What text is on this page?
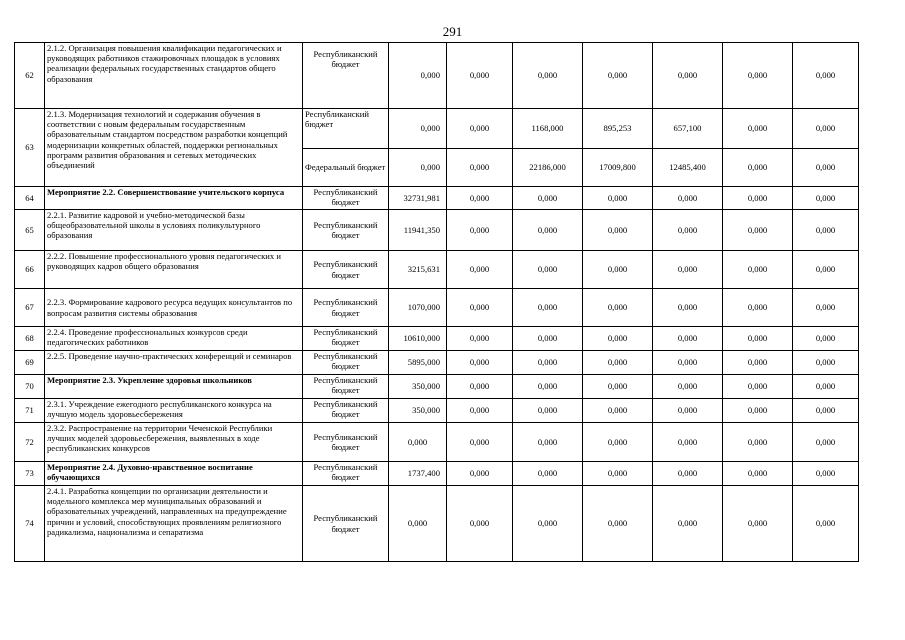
291
62	2.1.2. Организация повышения квалификации педагогических и руководящих работников стажировочных площадок в условиях реализации федеральных государственных стандартов общего образования	Республиканский бюджет	0,000	0,000	0,000	0,000	0,000	0,000	0,000
63	2.1.3. Модернизация технологий и содержания обучения в соответствии с новым федеральным государственным образовательным стандартом посредством разработки концепций модернизации конкретных областей, поддержки региональных программ развития образования и сетевых методических объединений	Республиканский бюджет	0,000	0,000	1168,000	895,253	657,100	0,000	0,000
		Федеральный бюджет	0,000	0,000	22186,000	17009,800	12485,400	0,000	0,000
64	Мероприятие 2.2. Совершенствование учительского корпуса	Республиканский бюджет	32731,981	0,000	0,000	0,000	0,000	0,000	0,000
65	2.2.1. Развитие кадровой и учебно-методической базы общеобразовательной школы в условиях поликультурного образования	Республиканский бюджет	11941,350	0,000	0,000	0,000	0,000	0,000	0,000
66	2.2.2. Повышение профессионального уровня педагогических и руководящих кадров общего образования	Республиканский бюджет	3215,631	0,000	0,000	0,000	0,000	0,000	0,000
67	2.2.3. Формирование кадрового ресурса ведущих консультантов по вопросам развития системы образования	Республиканский бюджет	1070,000	0,000	0,000	0,000	0,000	0,000	0,000
68	2.2.4. Проведение профессиональных конкурсов среди педагогических работников	Республиканский бюджет	10610,000	0,000	0,000	0,000	0,000	0,000	0,000
69	2.2.5. Проведение научно-практических конференций и семинаров	Республиканский бюджет	5895,000	0,000	0,000	0,000	0,000	0,000	0,000
70	Мероприятие 2.3. Укрепление здоровья школьников	Республиканский бюджет	350,000	0,000	0,000	0,000	0,000	0,000	0,000
71	2.3.1. Учреждение ежегодного республиканского конкурса на лучшую модель здоровьесбережения	Республиканский бюджет	350,000	0,000	0,000	0,000	0,000	0,000	0,000
72	2.3.2. Распространение на территории Чеченской Республики лучших моделей здоровьесбережения, выявленных в ходе республиканских конкурсов	Республиканский бюджет	0,000	0,000	0,000	0,000	0,000	0,000	0,000
73	Мероприятие 2.4. Духовно-нравственное воспитание обучающихся	Республиканский бюджет	1737,400	0,000	0,000	0,000	0,000	0,000	0,000
74	2.4.1. Разработка концепции по организации деятельности и модельного комплекса мер муниципальных образований и образовательных учреждений, направленных на предупреждение причин и условий, способствующих проявлениям религиозного радикализма, национализма и сепаратизма	Республиканский бюджет	0,000	0,000	0,000	0,000	0,000	0,000	0,000
